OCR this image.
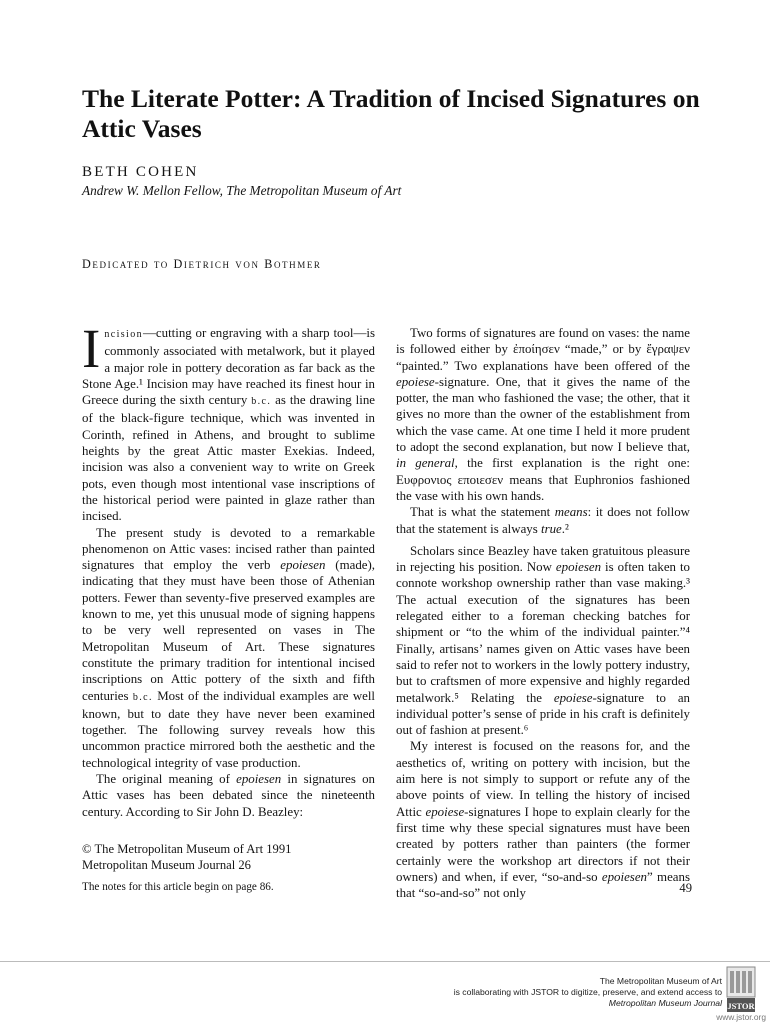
The Literate Potter: A Tradition of Incised Signatures on Attic Vases
BETH COHEN
Andrew W. Mellon Fellow, The Metropolitan Museum of Art
Dedicated to Dietrich von Bothmer

Incision—cutting or engraving with a sharp tool—is commonly associated with metalwork, but it played a major role in pottery decoration as far back as the Stone Age.¹ Incision may have reached its finest hour in Greece during the sixth century b.c. as the drawing line of the black-figure technique, which was invented in Corinth, refined in Athens, and brought to sublime heights by the great Attic master Exekias. Indeed, incision was also a convenient way to write on Greek pots, even though most intentional vase inscriptions of the historical period were painted in glaze rather than incised.

The present study is devoted to a remarkable phenomenon on Attic vases: incised rather than painted signatures that employ the verb epoiesen (made), indicating that they must have been those of Athenian potters. Fewer than seventy-five preserved examples are known to me, yet this unusual mode of signing happens to be very well represented on vases in The Metropolitan Museum of Art. These signatures constitute the primary tradition for intentional incised inscriptions on Attic pottery of the sixth and fifth centuries b.c. Most of the individual examples are well known, but to date they have never been examined together. The following survey reveals how this uncommon practice mirrored both the aesthetic and the technological integrity of vase production.

The original meaning of epoiesen in signatures on Attic vases has been debated since the nineteenth century. According to Sir John D. Beazley:

Two forms of signatures are found on vases: the name is followed either by ἐποίησεν “made,” or by ἔγραψεν “painted.” Two explanations have been offered of the epoiese-signature. One, that it gives the name of the potter, the man who fashioned the vase; the other, that it gives no more than the owner of the establishment from which the vase came. At one time I held it more prudent to adopt the second explanation, but now I believe that, in general, the first explanation is the right one: Ευφρονιος εποιεσεν means that Euphronios fashioned the vase with his own hands.

That is what the statement means: it does not follow that the statement is always true.²

Scholars since Beazley have taken gratuitous pleasure in rejecting his position. Now epoiesen is often taken to connote workshop ownership rather than vase making.³ The actual execution of the signatures has been relegated either to a foreman checking batches for shipment or “to the whim of the individual painter.”⁴ Finally, artisans’ names given on Attic vases have been said to refer not to workers in the lowly pottery industry, but to craftsmen of more expensive and highly regarded metalwork.⁵ Relating the epoiese-signature to an individual potter’s sense of pride in his craft is definitely out of fashion at present.⁶

My interest is focused on the reasons for, and the aesthetics of, writing on pottery with incision, but the aim here is not simply to support or refute any of the above points of view. In telling the history of incised Attic epoiese-signatures I hope to explain clearly for the first time why these special signatures must have been created by potters rather than painters (the former certainly were the workshop art directors if not their owners) and when, if ever, “so-and-so epoiesen” means that “so-and-so” not only

© The Metropolitan Museum of Art 1991
Metropolitan Museum Journal 26
The notes for this article begin on page 86.	49
The Metropolitan Museum of Art
is collaborating with JSTOR to digitize, preserve, and extend access to
Metropolitan Museum Journal JSTOR
www.jstor.org
